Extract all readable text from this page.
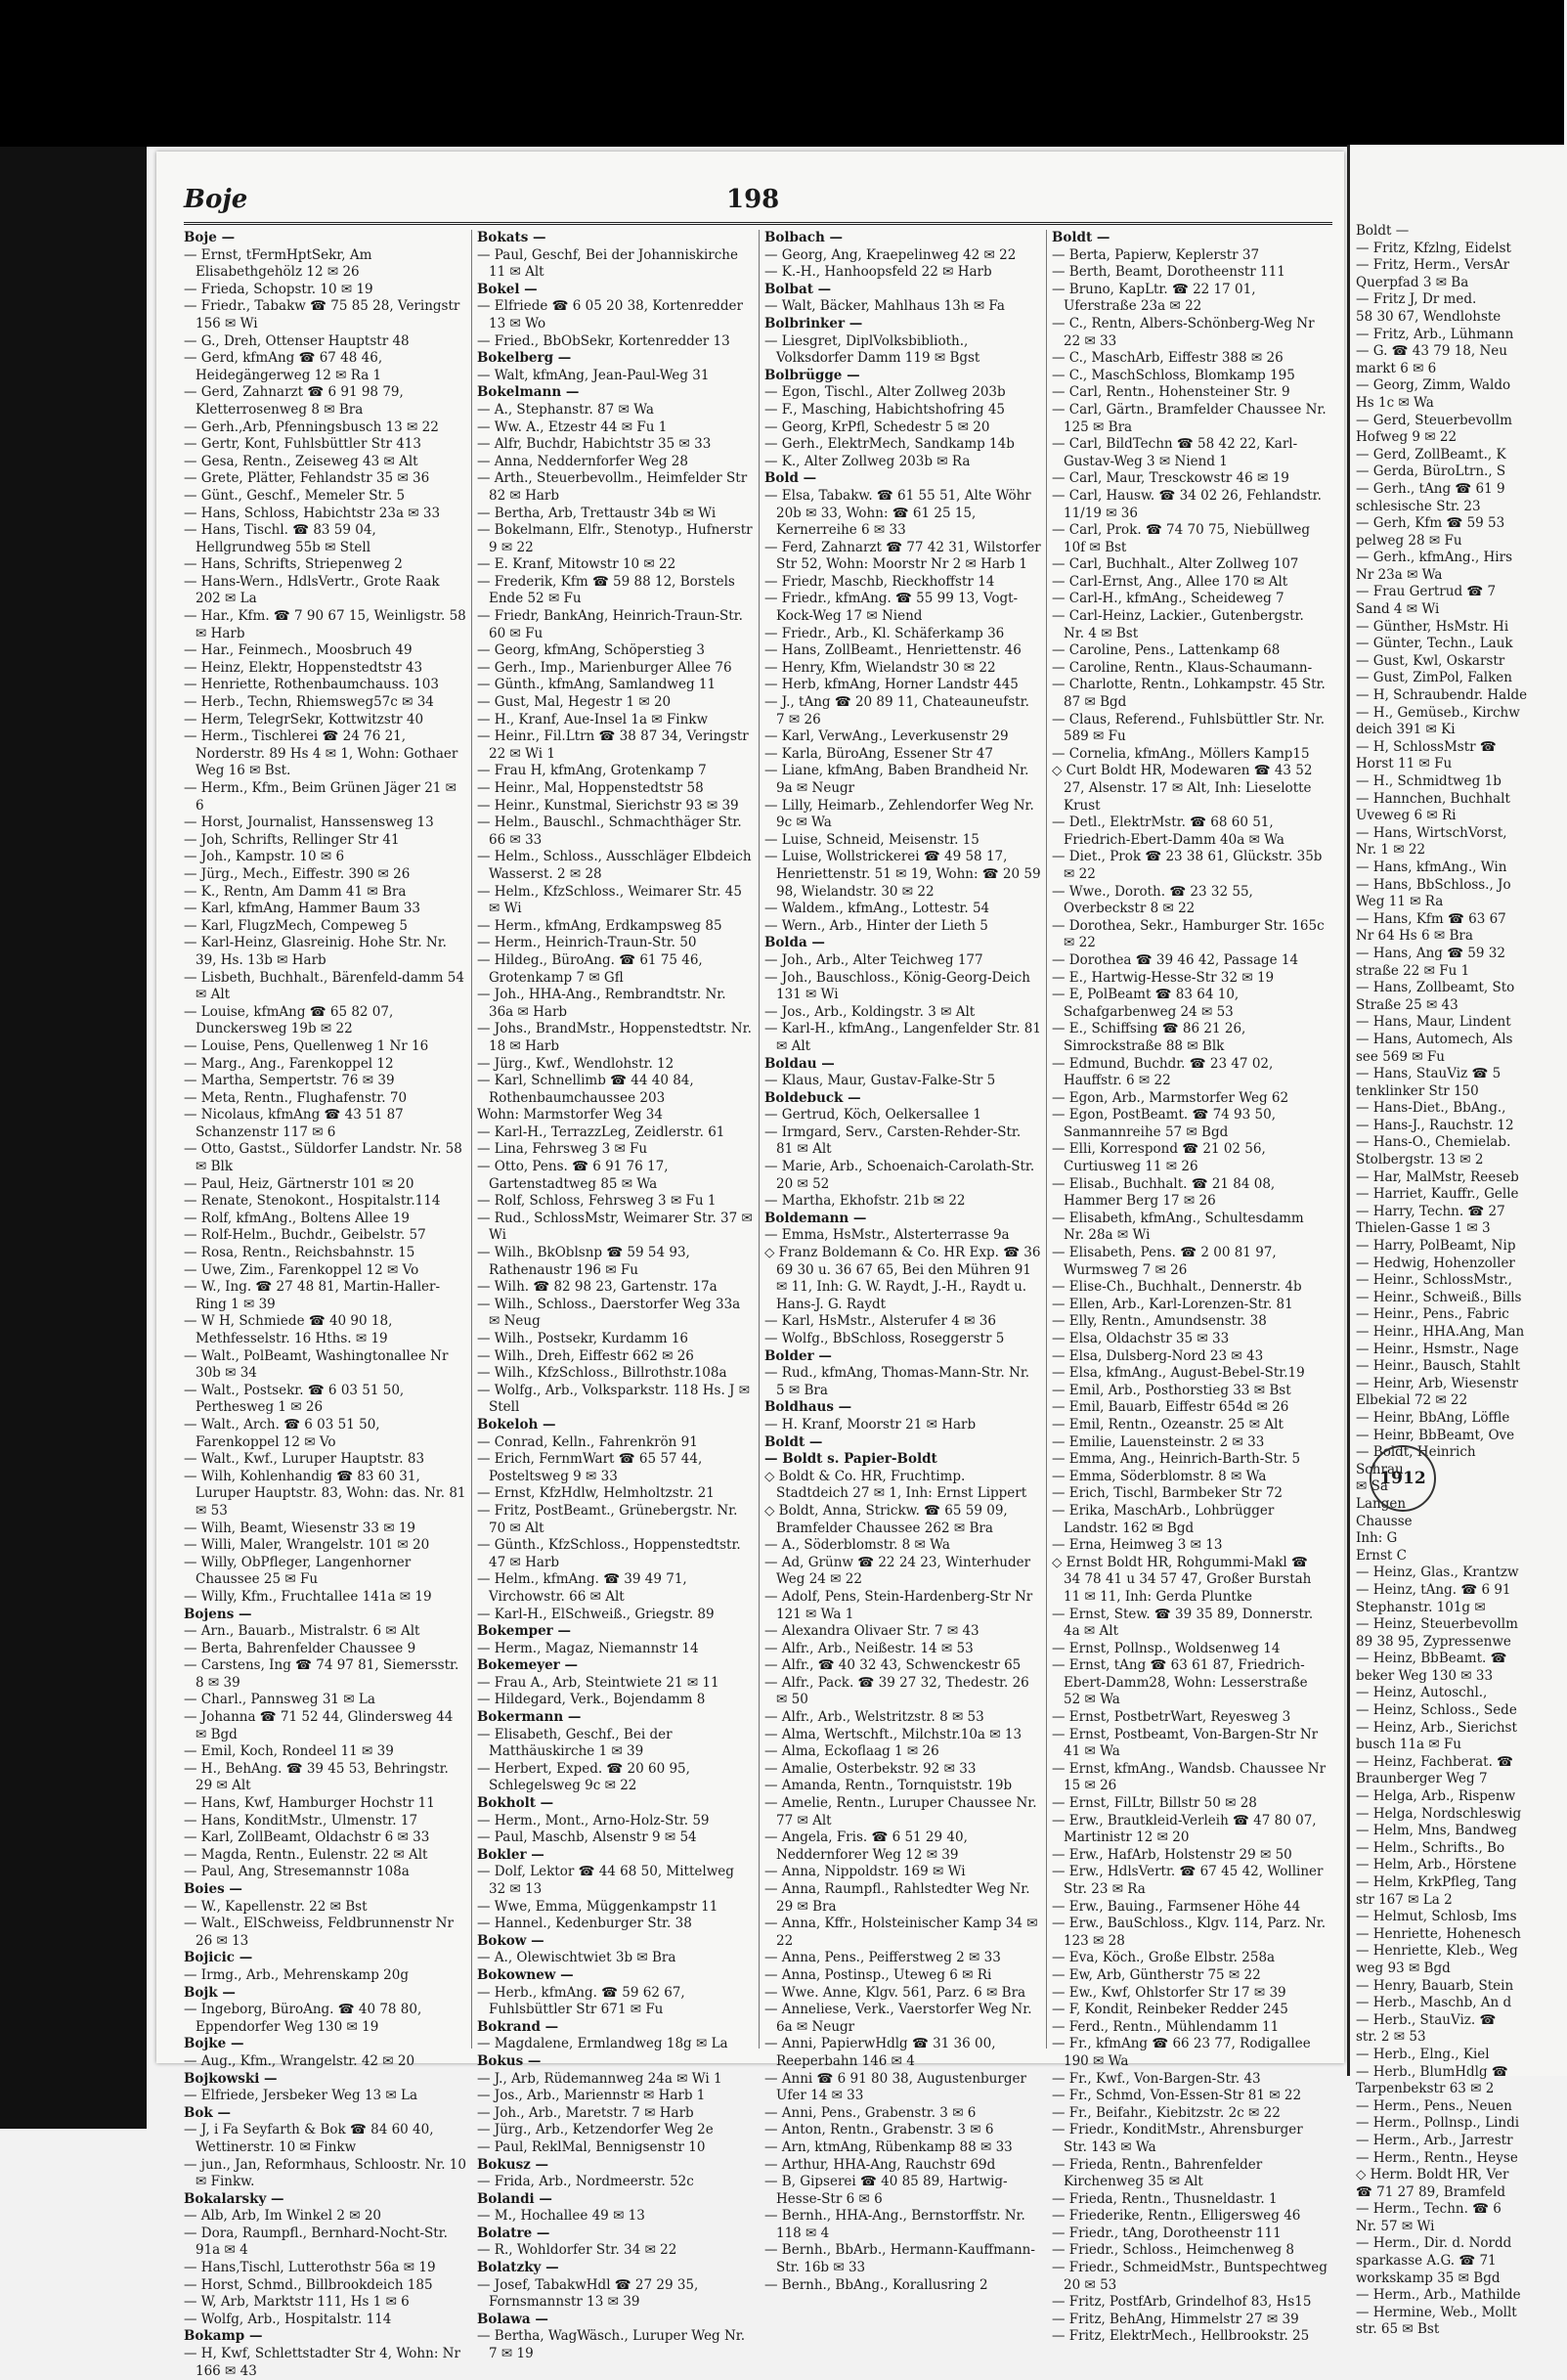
Boje	198
Boje —
— Ernst, tFermHptSekr, Am Elisabethgehölz 12 ✉ 26
— Frieda, Schopstr. 10 ✉ 19
— Friedr., Tabakw ☎ 75 85 28, Veringstr 156 ✉ Wi
— G., Dreh, Ottenser Hauptstr 48
— Gerd, kfmAng ☎ 67 48 46, Heidegängerweg 12 ✉ Ra 1
— Gerd, Zahnarzt ☎ 6 91 98 79, Kletterrosenweg 8 ✉ Bra
— Gerh.,Arb, Pfenningsbusch 13 ✉ 22
— Gertr, Kont, Fuhlsbüttler Str 413
— Gesa, Rentn., Zeiseweg 43 ✉ Alt
— Grete, Plätter, Fehlandstr 35 ✉ 36
— Günt., Geschf., Memeler Str. 5
— Hans, Schloss, Habichtstr 23a ✉ 33
— Hans, Tischl. ☎ 83 59 04, Hellgrundweg 55b ✉ Stell
— Hans, Schrifts, Striepenweg 2
— Hans-Wern., HdlsVertr., Grote Raak 202 ✉ La
— Har., Kfm. ☎ 7 90 67 15, Weinligstr. 58 ✉ Harb
— Har., Feinmech., Moosbruch 49
— Heinz, Elektr, Hoppenstedtstr 43
— Henriette, Rothenbaumchauss. 103
— Herb., Techn, Rhiemsweg57c ✉ 34
— Herm, TelegrSekr, Kottwitzstr 40
— Herm., Tischlerei ☎ 24 76 21, Norderstr. 89 Hs 4 ✉ 1, Wohn: Gothaer Weg 16 ✉ Bst.
— Herm., Kfm., Beim Grünen Jäger 21 ✉ 6
— Horst, Journalist, Hanssensweg 13
— Joh, Schrifts, Rellinger Str 41
— Joh., Kampstr. 10 ✉ 6
— Jürg., Mech., Eiffestr. 390 ✉ 26
— K., Rentn, Am Damm 41 ✉ Bra
— Karl, kfmAng, Hammer Baum 33
— Karl, FlugzMech, Compeweg 5
— Karl-Heinz, Glasreinig. Hohe Str. Nr. 39, Hs. 13b ✉ Harb
— Lisbeth, Buchhalt., Bärenfeld-damm 54 ✉ Alt
— Louise, kfmAng ☎ 65 82 07, Dunckersweg 19b ✉ 22
— Louise, Pens, Quellenweg 1 Nr 16
— Marg., Ang., Farenkoppel 12
— Martha, Sempertstr. 76 ✉ 39
— Meta, Rentn., Flughafenstr. 70
— Nicolaus, kfmAng ☎ 43 51 87 Schanzenstr 117 ✉ 6
— Otto, Gastst., Süldorfer Landstr. Nr. 58 ✉ Blk
— Paul, Heiz, Gärtnerstr 101 ✉ 20
— Renate, Stenokont., Hospitalstr.114
— Rolf, kfmAng., Boltens Allee 19
— Rolf-Helm., Buchdr., Geibelstr. 57
— Rosa, Rentn., Reichsbahnstr. 15
— Uwe, Zim., Farenkoppel 12 ✉ Vo
— W., Ing. ☎ 27 48 81, Martin-Haller-Ring 1 ✉ 39
— W H, Schmiede ☎ 40 90 18, Methfesselstr. 16 Hths. ✉ 19
— Walt., PolBeamt, Washingtonallee Nr 30b ✉ 34
— Walt., Postsekr. ☎ 6 03 51 50, Perthesweg 1 ✉ 26
— Walt., Arch. ☎ 6 03 51 50, Farenkoppel 12 ✉ Vo
— Walt., Kwf., Luruper Hauptstr. 83
— Wilh, Kohlenhandig ☎ 83 60 31, Luruper Hauptstr. 83, Wohn: das. Nr. 81 ✉ 53
— Wilh, Beamt, Wiesenstr 33 ✉ 19
— Willi, Maler, Wrangelstr. 101 ✉ 20
— Willy, ObPfleger, Langenhorner Chaussee 25 ✉ Fu
— Willy, Kfm., Fruchtallee 141a ✉ 19
Bojens —
— Arn., Bauarb., Mistralstr. 6 ✉ Alt
— Berta, Bahrenfelder Chaussee 9
— Carstens, Ing ☎ 74 97 81, Siemersstr. 8 ✉ 39
— Charl., Pannsweg 31 ✉ La
— Johanna ☎ 71 52 44, Glindersweg 44 ✉ Bgd
— Emil, Koch, Rondeel 11 ✉ 39
— H., BehAng. ☎ 39 45 53, Behringstr. 29 ✉ Alt
— Hans, Kwf, Hamburger Hochstr 11
— Hans, KonditMstr., Ulmenstr. 17
— Karl, ZollBeamt, Oldachstr 6 ✉ 33
— Magda, Rentn., Eulenstr. 22 ✉ Alt
— Paul, Ang, Stresemannstr 108a
Boies —
— W., Kapellenstr. 22 ✉ Bst
— Walt., ElSchweiss, Feldbrunnenstr Nr 26 ✉ 13
Bojicic —
— Irmg., Arb., Mehrenskamp 20g
Bojk —
— Ingeborg, BüroAng. ☎ 40 78 80, Eppendorfer Weg 130 ✉ 19
Bojke —
— Aug., Kfm., Wrangelstr. 42 ✉ 20
Bojkowski —
— Elfriede, Jersbeker Weg 13 ✉ La
Bok —
— J, i Fa Seyfarth & Bok ☎ 84 60 40, Wettinerstr. 10 ✉ Finkw
— jun., Jan, Reformhaus, Schloostr. Nr. 10 ✉ Finkw.
Bokalarsky —
— Alb, Arb, Im Winkel 2 ✉ 20
— Dora, Raumpfl., Bernhard-Nocht-Str. 91a ✉ 4
— Hans,Tischl, Lutterothstr 56a ✉ 19
— Horst, Schmd., Billbrookdeich 185
— W, Arb, Marktstr 111, Hs 1 ✉ 6
— Wolfg, Arb., Hospitalstr. 114
Bokamp —
— H, Kwf, Schlettstadter Str 4, Wohn: Nr 166 ✉ 43
Bokats —
— Paul, Geschf, Bei der Johanniskirche 11 ✉ Alt
Bokel —
— Elfriede ☎ 6 05 20 38, Kortenredder 13 ✉ Wo
— Fried., BbObSekr, Kortenredder 13
Bokelberg —
— Walt, kfmAng, Jean-Paul-Weg 31
Bokelmann —
— A., Stephanstr. 87 ✉ Wa
— Ww. A., Etzestr 44 ✉ Fu 1
— Alfr, Buchdr, Habichtstr 35 ✉ 33
— Anna, Neddernforfer Weg 28
— Arth., Steuerbevollm., Heimfelder Str 82 ✉ Harb
— Bertha, Arb, Trettaustr 34b ✉ Wi
— Bokelmann, Elfr., Stenotyp., Hufnerstr 9 ✉ 22
— E. Kranf, Mitowstr 10 ✉ 22
— Frederik, Kfm ☎ 59 88 12, Borstels Ende 52 ✉ Fu
— Friedr, BankAng, Heinrich-Traun-Str. 60 ✉ Fu
— Georg, kfmAng, Schöperstieg 3
— Gerh., Imp., Marienburger Allee 76
— Günth., kfmAng, Samlandweg 11
— Gust, Mal, Hegestr 1 ✉ 20
— H., Kranf, Aue-Insel 1a ✉ Finkw
— Heinr., Fil.Ltrn ☎ 38 87 34, Veringstr 22 ✉ Wi 1
— Frau H, kfmAng, Grotenkamp 7
— Heinr., Mal, Hoppenstedtstr 58
— Heinr., Kunstmal, Sierichstr 93 ✉ 39
— Helm., Bauschl., Schmachthäger Str. 66 ✉ 33
— Helm., Schloss., Ausschläger Elbdeich Wasserst. 2 ✉ 28
— Helm., KfzSchloss., Weimarer Str. 45 ✉ Wi
— Herm., kfmAng, Erdkampsweg 85
— Herm., Heinrich-Traun-Str. 50
— Hildeg., BüroAng. ☎ 61 75 46, Grotenkamp 7 ✉ Gfl
— Joh., HHA-Ang., Rembrandtstr. Nr. 36a ✉ Harb
— Johs., BrandMstr., Hoppenstedtstr. Nr. 18 ✉ Harb
— Jürg., Kwf., Wendlohstr. 12
— Karl, Schnellimb ☎ 44 40 84, Rothenbaumchaussee 203
Wohn: Marmstorfer Weg 34
— Karl-H., TerrazzLeg, Zeidlerstr. 61
— Lina, Fehrsweg 3 ✉ Fu
— Otto, Pens. ☎ 6 91 76 17, Gartenstadtweg 85 ✉ Wa
— Rolf, Schloss, Fehrsweg 3 ✉ Fu 1
— Rud., SchlossMstr, Weimarer Str. 37 ✉ Wi
— Wilh., BkOblsnp ☎ 59 54 93, Rathenaustr 196 ✉ Fu
— Wilh. ☎ 82 98 23, Gartenstr. 17a
— Wilh., Schloss., Daerstorfer Weg 33a ✉ Neug
— Wilh., Postsekr, Kurdamm 16
— Wilh., Dreh, Eiffestr 662 ✉ 26
— Wilh., KfzSchloss., Billrothstr.108a
— Wolfg., Arb., Volksparkstr. 118 Hs. J ✉ Stell
Bokeloh —
— Conrad, Kelln., Fahrenkrön 91
— Erich, FernmWart ☎ 65 57 44, Posteltsweg 9 ✉ 33
— Ernst, KfzHdlw, Helmholtzstr. 21
— Fritz, PostBeamt., Grünebergstr. Nr. 70 ✉ Alt
— Günth., KfzSchloss., Hoppenstedtstr. 47 ✉ Harb
— Helm., kfmAng. ☎ 39 49 71, Virchowstr. 66 ✉ Alt
— Karl-H., ElSchweiß., Griegstr. 89
Bokemper —
— Herm., Magaz, Niemannstr 14
Bokemeyer —
— Frau A., Arb, Steintwiete 21 ✉ 11
— Hildegard, Verk., Bojendamm 8
Bokermann —
— Elisabeth, Geschf., Bei der Matthäuskirche 1 ✉ 39
— Herbert, Exped. ☎ 20 60 95, Schlegelsweg 9c ✉ 22
Bokholt —
— Herm., Mont., Arno-Holz-Str. 59
— Paul, Maschb, Alsenstr 9 ✉ 54
Bokler —
— Dolf, Lektor ☎ 44 68 50, Mittelweg 32 ✉ 13
— Wwe, Emma, Müggenkampstr 11
— Hannel., Kedenburger Str. 38
Bokow —
— A., Olewischtwiet 3b ✉ Bra
Bokownew —
— Herb., kfmAng. ☎ 59 62 67, Fuhlsbüttler Str 671 ✉ Fu
Bokrand —
— Magdalene, Ermlandweg 18g ✉ La
Bokus —
— J., Arb, Rüdemannweg 24a ✉ Wi 1
— Jos., Arb., Mariennstr ✉ Harb 1
— Joh., Arb., Maretstr. 7 ✉ Harb
— Jürg., Arb., Ketzendorfer Weg 2e
— Paul, ReklMal, Bennigsenstr 10
Bokusz —
— Frida, Arb., Nordmeerstr. 52c
Bolandi —
— M., Hochallee 49 ✉ 13
Bolatre —
— R., Wohldorfer Str. 34 ✉ 22
Bolatzky —
— Josef, TabakwHdl ☎ 27 29 35, Fornsmannstr 13 ✉ 39
Bolawa —
— Bertha, WagWäsch., Luruper Weg Nr. 7 ✉ 19
Bolbach —
— Georg, Ang, Kraepelinweg 42 ✉ 22
— K.-H., Hanhoopsfeld 22 ✉ Harb
Bolbat —
— Walt, Bäcker, Mahlhaus 13h ✉ Fa
Bolbrinker —
— Liesgret, DiplVolksbiblioth., Volksdorfer Damm 119 ✉ Bgst
Bolbrügge —
— Egon, Tischl., Alter Zollweg 203b
— F., Masching, Habichtshofring 45
— Georg, KrPfl, Schedestr 5 ✉ 20
— Gerh., ElektrMech, Sandkamp 14b
— K., Alter Zollweg 203b ✉ Ra
Bold —
— Elsa, Tabakw. ☎ 61 55 51, Alte Wöhr 20b ✉ 33, Wohn: ☎ 61 25 15, Kernerreihe 6 ✉ 33
— Ferd, Zahnarzt ☎ 77 42 31, Wilstorfer Str 52, Wohn: Moorstr Nr 2 ✉ Harb 1
— Friedr, Maschb, Rieckhoffstr 14
— Friedr., kfmAng. ☎ 55 99 13, Vogt-Kock-Weg 17 ✉ Niend
— Friedr., Arb., Kl. Schäferkamp 36
— Hans, ZollBeamt., Henriettenstr. 46
— Henry, Kfm, Wielandstr 30 ✉ 22
— Herb, kfmAng, Horner Landstr 445
— J., tAng ☎ 20 89 11, Chateauneufstr. 7 ✉ 26
— Karl, VerwAng., Leverkusenstr 29
— Karla, BüroAng, Essener Str 47
— Liane, kfmAng, Baben Brandheid Nr. 9a ✉ Neugr
— Lilly, Heimarb., Zehlendorfer Weg Nr. 9c ✉ Wa
— Luise, Schneid, Meisenstr. 15
— Luise, Wollstrickerei ☎ 49 58 17, Henriettenstr. 51 ✉ 19, Wohn: ☎ 20 59 98, Wielandstr. 30 ✉ 22
— Waldem., kfmAng., Lottestr. 54
— Wern., Arb., Hinter der Lieth 5
Bolda —
— Joh., Arb., Alter Teichweg 177
— Joh., Bauschloss., König-Georg-Deich 131 ✉ Wi
— Jos., Arb., Koldingstr. 3 ✉ Alt
— Karl-H., kfmAng., Langenfelder Str. 81 ✉ Alt
Boldau —
— Klaus, Maur, Gustav-Falke-Str 5
Boldebuck —
— Gertrud, Köch, Oelkersallee 1
— Irmgard, Serv., Carsten-Rehder-Str. 81 ✉ Alt
— Marie, Arb., Schoenaich-Carolath-Str. 20 ✉ 52
— Martha, Ekhofstr. 21b ✉ 22
Boldemann —
— Emma, HsMstr., Alsterterrasse 9a
◇ Franz Boldemann & Co. HR Exp. ☎ 36 69 30 u. 36 67 65, Bei den Mühren 91 ✉ 11, Inh: G. W. Raydt, J.-H., Raydt u. Hans-J. G. Raydt
— Karl, HsMstr., Alsterufer 4 ✉ 36
— Wolfg., BbSchloss, Roseggerstr 5
Bolder —
— Rud., kfmAng, Thomas-Mann-Str. Nr. 5 ✉ Bra
Boldhaus —
— H. Kranf, Moorstr 21 ✉ Harb
Boldt —
— Boldt s. Papier-Boldt
◇ Boldt & Co. HR, Fruchtimp. Stadtdeich 27 ✉ 1, Inh: Ernst Lippert
◇ Boldt, Anna, Strickw. ☎ 65 59 09, Bramfelder Chaussee 262 ✉ Bra
— A., Söderblomstr. 8 ✉ Wa
— Ad, Grünw ☎ 22 24 23, Winterhuder Weg 24 ✉ 22
— Adolf, Pens, Stein-Hardenberg-Str Nr 121 ✉ Wa 1
— Alexandra Olivaer Str. 7 ✉ 43
— Alfr., Arb., Neißestr. 14 ✉ 53
— Alfr., ☎ 40 32 43, Schwenckestr 65
— Alfr., Pack. ☎ 39 27 32, Thedestr. 26 ✉ 50
— Alfr., Arb., Welstritzstr. 8 ✉ 53
— Alma, Wertschft., Milchstr.10a ✉ 13
— Alma, Eckoflaag 1 ✉ 26
— Amalie, Osterbekstr. 92 ✉ 33
— Amanda, Rentn., Tornquiststr. 19b
— Amelie, Rentn., Luruper Chaussee Nr. 77 ✉ Alt
— Angela, Fris. ☎ 6 51 29 40, Neddernforer Weg 12 ✉ 39
— Anna, Nippoldstr. 169 ✉ Wi
— Anna, Raumpfl., Rahlstedter Weg Nr. 29 ✉ Bra
— Anna, Kffr., Holsteinischer Kamp 34 ✉ 22
— Anna, Pens., Peifferstweg 2 ✉ 33
— Anna, Postinsp., Uteweg 6 ✉ Ri
— Wwe. Anne, Klgv. 561, Parz. 6 ✉ Bra
— Anneliese, Verk., Vaerstorfer Weg Nr. 6a ✉ Neugr
— Anni, PapierwHdlg ☎ 31 36 00, Reeperbahn 146 ✉ 4
— Anni ☎ 6 91 80 38, Augustenburger Ufer 14 ✉ 33
— Anni, Pens., Grabenstr. 3 ✉ 6
— Anton, Rentn., Grabenstr. 3 ✉ 6
— Arn, ktmAng, Rübenkamp 88 ✉ 33
— Arthur, HHA-Ang, Rauchstr 69d
— B, Gipserei ☎ 40 85 89, Hartwig-Hesse-Str 6 ✉ 6
— Bernh., HHA-Ang., Bernstorffstr. Nr. 118 ✉ 4
— Bernh., BbArb., Hermann-Kauffmann-Str. 16b ✉ 33
— Bernh., BbAng., Korallusring 2
Boldt —
— Berta, Papierw, Keplerstr 37
— Berth, Beamt, Dorotheenstr 111
— Bruno, KapLtr. ☎ 22 17 01, Uferstraße 23a ✉ 22
— C., Rentn, Albers-Schönberg-Weg Nr 22 ✉ 33
— C., MaschArb, Eiffestr 388 ✉ 26
— C., MaschSchloss, Blomkamp 195
— Carl, Rentn., Hohensteiner Str. 9
— Carl, Gärtn., Bramfelder Chaussee Nr. 125 ✉ Bra
— Carl, BildTechn ☎ 58 42 22, Karl-Gustav-Weg 3 ✉ Niend 1
— Carl, Maur, Tresckowstr 46 ✉ 19
— Carl, Hausw. ☎ 34 02 26, Fehlandstr. 11/19 ✉ 36
— Carl, Prok. ☎ 74 70 75, Niebüllweg 10f ✉ Bst
— Carl, Buchhalt., Alter Zollweg 107
— Carl-Ernst, Ang., Allee 170 ✉ Alt
— Carl-H., kfmAng., Scheideweg 7
— Carl-Heinz, Lackier., Gutenbergstr. Nr. 4 ✉ Bst
— Caroline, Pens., Lattenkamp 68
— Caroline, Rentn., Klaus-Schaumann-
— Charlotte, Rentn., Lohkampstr. 45 Str. 87 ✉ Bgd
— Claus, Referend., Fuhlsbüttler Str. Nr. 589 ✉ Fu
— Cornelia, kfmAng., Möllers Kamp15
◇ Curt Boldt HR, Modewaren ☎ 43 52 27, Alsenstr. 17 ✉ Alt, Inh: Lieselotte Krust
— Detl., ElektrMstr. ☎ 68 60 51, Friedrich-Ebert-Damm 40a ✉ Wa
— Diet., Prok ☎ 23 38 61, Glückstr. 35b ✉ 22
— Wwe., Doroth. ☎ 23 32 55, Overbeckstr 8 ✉ 22
— Dorothea, Sekr., Hamburger Str. 165c ✉ 22
— Dorothea ☎ 39 46 42, Passage 14
— E., Hartwig-Hesse-Str 32 ✉ 19
— E, PolBeamt ☎ 83 64 10, Schafgarbenweg 24 ✉ 53
— E., Schiffsing ☎ 86 21 26, Simrockstraße 88 ✉ Blk
— Edmund, Buchdr. ☎ 23 47 02, Hauffstr. 6 ✉ 22
— Egon, Arb., Marmstorfer Weg 62
— Egon, PostBeamt. ☎ 74 93 50, Sanmannreihe 57 ✉ Bgd
— Elli, Korrespond ☎ 21 02 56, Curtiusweg 11 ✉ 26
— Elisab., Buchhalt. ☎ 21 84 08, Hammer Berg 17 ✉ 26
— Elisabeth, kfmAng., Schultesdamm Nr. 28a ✉ Wi
— Elisabeth, Pens. ☎ 2 00 81 97, Wurmsweg 7 ✉ 26
— Elise-Ch., Buchhalt., Dennerstr. 4b
— Ellen, Arb., Karl-Lorenzen-Str. 81
— Elly, Rentn., Amundsenstr. 38
— Elsa, Oldachstr 35 ✉ 33
— Elsa, Dulsberg-Nord 23 ✉ 43
— Elsa, kfmAng., August-Bebel-Str.19
— Emil, Arb., Posthorstieg 33 ✉ Bst
— Emil, Bauarb, Eiffestr 654d ✉ 26
— Emil, Rentn., Ozeanstr. 25 ✉ Alt
— Emilie, Lauensteinstr. 2 ✉ 33
— Emma, Ang., Heinrich-Barth-Str. 5
— Emma, Söderblomstr. 8 ✉ Wa
— Erich, Tischl, Barmbeker Str 72
— Erika, MaschArb., Lohbrügger Landstr. 162 ✉ Bgd
— Erna, Heimweg 3 ✉ 13
◇ Ernst Boldt HR, Rohgummi-Makl ☎ 34 78 41 u 34 57 47, Großer Burstah 11 ✉ 11, Inh: Gerda Pluntke
— Ernst, Stew. ☎ 39 35 89, Donnerstr. 4a ✉ Alt
— Ernst, Pollnsp., Woldsenweg 14
— Ernst, tAng ☎ 63 61 87, Friedrich-Ebert-Damm28, Wohn: Lesserstraße 52 ✉ Wa
— Ernst, PostbetrWart, Reyesweg 3
— Ernst, Postbeamt, Von-Bargen-Str Nr 41 ✉ Wa
— Ernst, kfmAng., Wandsb. Chaussee Nr 15 ✉ 26
— Ernst, FilLtr, Billstr 50 ✉ 28
— Erw., Brautkleid-Verleih ☎ 47 80 07, Martinistr 12 ✉ 20
— Erw., HafArb, Holstenstr 29 ✉ 50
— Erw., HdlsVertr. ☎ 67 45 42, Wolliner Str. 23 ✉ Ra
— Erw., Bauing., Farmsener Höhe 44
— Erw., BauSchloss., Klgv. 114, Parz. Nr. 123 ✉ 28
— Eva, Köch., Große Elbstr. 258a
— Ew, Arb, Güntherstr 75 ✉ 22
— Ew., Kwf, Ohlstorfer Str 17 ✉ 39
— F, Kondit, Reinbeker Redder 245
— Ferd., Rentn., Mühlendamm 11
— Fr., kfmAng ☎ 66 23 77, Rodigallee 190 ✉ Wa
— Fr., Kwf., Von-Bargen-Str. 43
— Fr., Schmd, Von-Essen-Str 81 ✉ 22
— Fr., Beifahr., Kiebitzstr. 2c ✉ 22
— Friedr., KonditMstr., Ahrensburger Str. 143 ✉ Wa
— Frieda, Rentn., Bahrenfelder Kirchenweg 35 ✉ Alt
— Frieda, Rentn., Thusneldastr. 1
— Friederike, Rentn., Elligersweg 46
— Friedr., tAng, Dorotheenstr 111
— Friedr., Schloss., Heimchenweg 8
— Friedr., SchmeidMstr., Buntspechtweg 20 ✉ 53
— Fritz, PostfArb, Grindelhof 83, Hs15
— Fritz, BehAng, Himmelstr 27 ✉ 39
— Fritz, ElektrMech., Hellbrookstr. 25
Boldt —
— Fritz, Kfzlng, Eidelst
— Fritz, Herm., VersAr
Querpfad 3 ✉ Ba
— Fritz J, Dr med.
58 30 67, Wendlohste
— Fritz, Arb., Lühmann
— G. ☎ 43 79 18, Neu
markt 6 ✉ 6
— Georg, Zimm, Waldo
Hs 1c ✉ Wa
— Gerd, Steuerbevollm
Hofweg 9 ✉ 22
— Gerd, ZollBeamt., K
— Gerda, BüroLtrn., S
— Gerh., tAng ☎ 61 9
schlesische Str. 23
— Gerh, Kfm ☎ 59 53
pelweg 28 ✉ Fu
— Gerh., kfmAng., Hirs
Nr 23a ✉ Wa
— Frau Gertrud ☎ 7
Sand 4 ✉ Wi
— Günther, HsMstr. Hi
— Günter, Techn., Lauk
— Gust, Kwl, Oskarstr
— Gust, ZimPol, Falken
— H, Schraubendr. Halde
— H., Gemüseb., Kirchw
deich 391 ✉ Ki
— H, SchlossMstr ☎
Horst 11 ✉ Fu
— H., Schmidtweg 1b
— Hannchen, Buchhalt
Uveweg 6 ✉ Ri
— Hans, WirtschVorst,
Nr. 1 ✉ 22
— Hans, kfmAng., Win
— Hans, BbSchloss., Jo
Weg 11 ✉ Ra
— Hans, Kfm ☎ 63 67
Nr 64 Hs 6 ✉ Bra
— Hans, Ang ☎ 59 32
straße 22 ✉ Fu 1
— Hans, Zollbeamt, Sto
Straße 25 ✉ 43
— Hans, Maur, Lindent
— Hans, Automech, Als
see 569 ✉ Fu
— Hans, StauViz ☎ 5
tenklinker Str 150
— Hans-Diet., BbAng.,
— Hans-J., Rauchstr. 12
— Hans-O., Chemielab.
Stolbergstr. 13 ✉ 2
— Har, MalMstr, Reeseb
— Harriet, Kauffr., Gelle
— Harry, Techn. ☎ 27
Thielen-Gasse 1 ✉ 3
— Harry, PolBeamt, Nip
— Hedwig, Hohenzoller
— Heinr., SchlossMstr.,
— Heinr., Schweiß., Bills
— Heinr., Pens., Fabric
— Heinr., HHA.Ang, Man
— Heinr., Hsmstr., Nage
— Heinr., Bausch, Stahlt
— Heinr, Arb, Wiesenstr
Elbekial 72 ✉ 22
— Heinr, BbAng, Löffle
— Heinr, BbBeamt, Ove
— Boldt, Heinrich
Schrau
✉ Sa
Langen
Chausse
Inh: G
Ernst C
— Heinz, Glas., Krantzw
— Heinz, tAng. ☎ 6 91
Stephanstr. 101g ✉
— Heinz, Steuerbevollm
89 38 95, Zypressenwe
— Heinz, BbBeamt. ☎
beker Weg 130 ✉ 33
— Heinz, Autoschl.,
— Heinz, Schloss., Sede
— Heinz, Arb., Sierichst
busch 11a ✉ Fu
— Heinz, Fachberat. ☎
Braunberger Weg 7
— Helga, Arb., Rispenw
— Helga, Nordschleswig
— Helm, Mns, Bandweg
— Helm., Schrifts., Bo
— Helm, Arb., Hörstene
— Helm, KrkPfleg, Tang
str 167 ✉ La 2
— Helmut, Schlosb, Ims
— Henriette, Hohenesch
— Henriette, Kleb., Weg
weg 93 ✉ Bgd
— Henry, Bauarb, Stein
— Herb., Maschb, An d
— Herb., StauViz. ☎
str. 2 ✉ 53
— Herb., Elng., Kiel
— Herb., BlumHdlg ☎
Tarpenbekstr 63 ✉ 2
— Herm., Pens., Neuen
— Herm., Pollnsp., Lindi
— Herm., Arb., Jarrestr
— Herm., Rentn., Heyse
◇ Herm. Boldt HR, Ver
☎ 71 27 89, Bramfeld
— Herm., Techn. ☎ 6
Nr. 57 ✉ Wi
— Herm., Dir. d. Nordd
sparkasse A.G. ☎ 71
workskamp 35 ✉ Bgd
— Herm., Arb., Mathilde
— Hermine, Web., Mollt
str. 65 ✉ Bst
1912
